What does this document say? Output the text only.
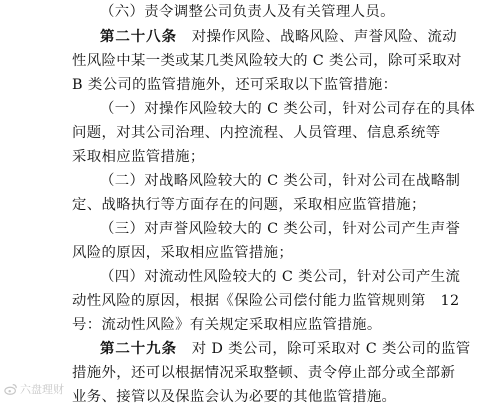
（六）责令调整公司负责人及有关管理人员。
第二十八条　对操作风险、战略风险、声誉风险、流动
性风险中某一类或某几类风险较大的 C 类公司，除可采取对
B 类公司的监管措施外，还可采取以下监管措施：
（一）对操作风险较大的 C 类公司，针对公司存在的具体
问题，对其公司治理、内控流程、人员管理、信息系统等
采取相应监管措施；
（二）对战略风险较大的 C 类公司，针对公司在战略制
定、战略执行等方面存在的问题，采取相应监管措施；
（三）对声誉风险较大的 C 类公司，针对公司产生声誉
风险的原因，采取相应监管措施；
（四）对流动性风险较大的 C 类公司，针对公司产生流
动性风险的原因，根据《保险公司偿付能力监管规则第　12
号：流动性风险》有关规定采取相应监管措施。
第二十九条　对 D 类公司，除可采取对 C 类公司的监管
措施外，还可以根据情况采取整顿、责令停止部分或全部新
业务、接管以及保监会认为必要的其他监管措施。
六盘理财
